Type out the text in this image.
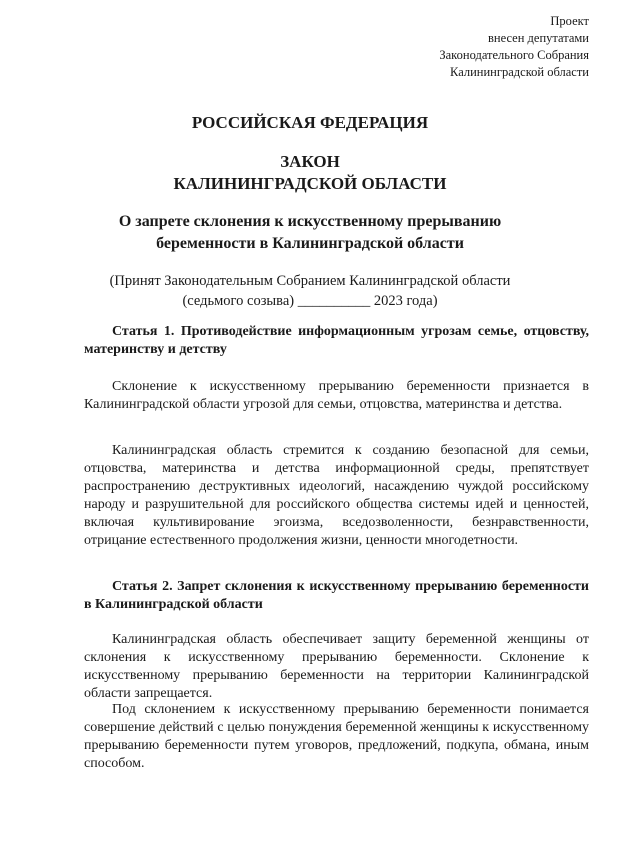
Проект
внесен депутатами
Законодательного Собрания
Калининградской области
РОССИЙСКАЯ ФЕДЕРАЦИЯ
ЗАКОН
КАЛИНИНГРАДСКОЙ ОБЛАСТИ
О запрете склонения к искусственному прерыванию
беременности в Калининградской области
(Принят Законодательным Собранием Калининградской области
(седьмого созыва) __________ 2023 года)
Статья 1. Противодействие информационным угрозам семье, отцовству, материнству и детству
Склонение к искусственному прерыванию беременности признается в Калининградской области угрозой для семьи, отцовства, материнства и детства.
Калининградская область стремится к созданию безопасной для семьи, отцовства, материнства и детства информационной среды, препятствует распространению деструктивных идеологий, насаждению чуждой российскому народу и разрушительной для российского общества системы идей и ценностей, включая культивирование эгоизма, вседозволенности, безнравственности, отрицание естественного продолжения жизни, ценности многодетности.
Статья 2. Запрет склонения к искусственному прерыванию беременности в Калининградской области
Калининградская область обеспечивает защиту беременной женщины от склонения к искусственному прерыванию беременности. Склонение к искусственному прерыванию беременности на территории Калининградской области запрещается.
Под склонением к искусственному прерыванию беременности понимается совершение действий с целью понуждения беременной женщины к искусственному прерыванию беременности путем уговоров, предложений, подкупа, обмана, иным способом.
